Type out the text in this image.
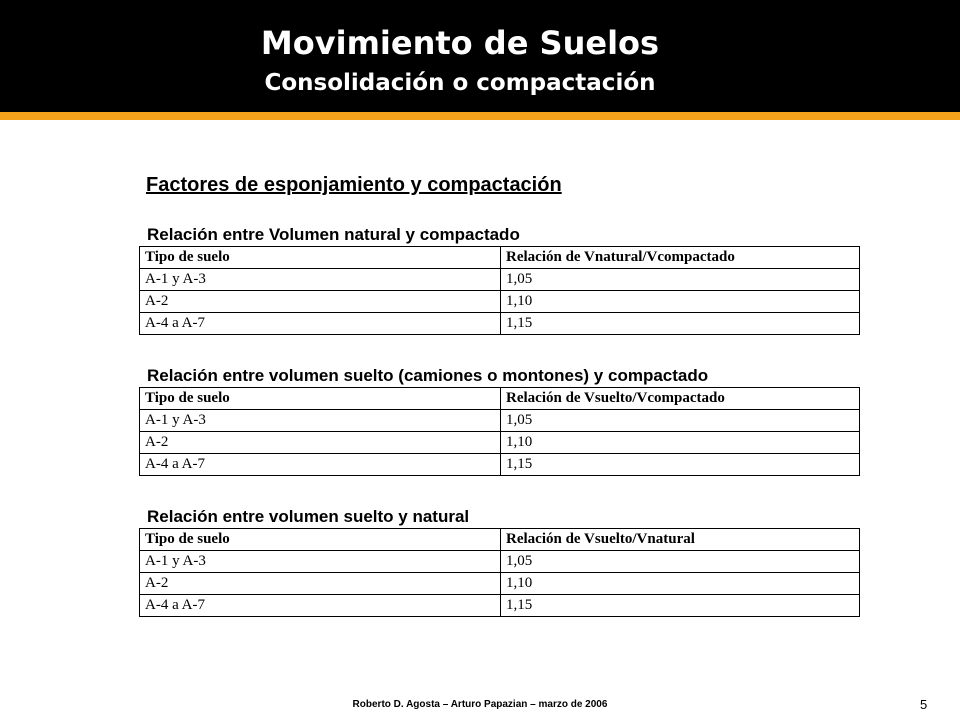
Movimiento de Suelos
Consolidación o compactación
Factores de esponjamiento y compactación
Relación entre Volumen natural y compactado
Tipo de suelo	Relación de Vnatural/Vcompactado
A-1 y A-3	1,05
A-2	1,10
A-4 a A-7	1,15
Relación entre volumen suelto (camiones o montones) y compactado
Tipo de suelo	Relación de Vsuelto/Vcompactado
A-1 y A-3	1,05
A-2	1,10
A-4 a A-7	1,15
Relación entre volumen suelto y natural
Tipo de suelo	Relación de Vsuelto/Vnatural
A-1 y A-3	1,05
A-2	1,10
A-4 a A-7	1,15
Roberto D. Agosta – Arturo Papazian – marzo de 2006	5
